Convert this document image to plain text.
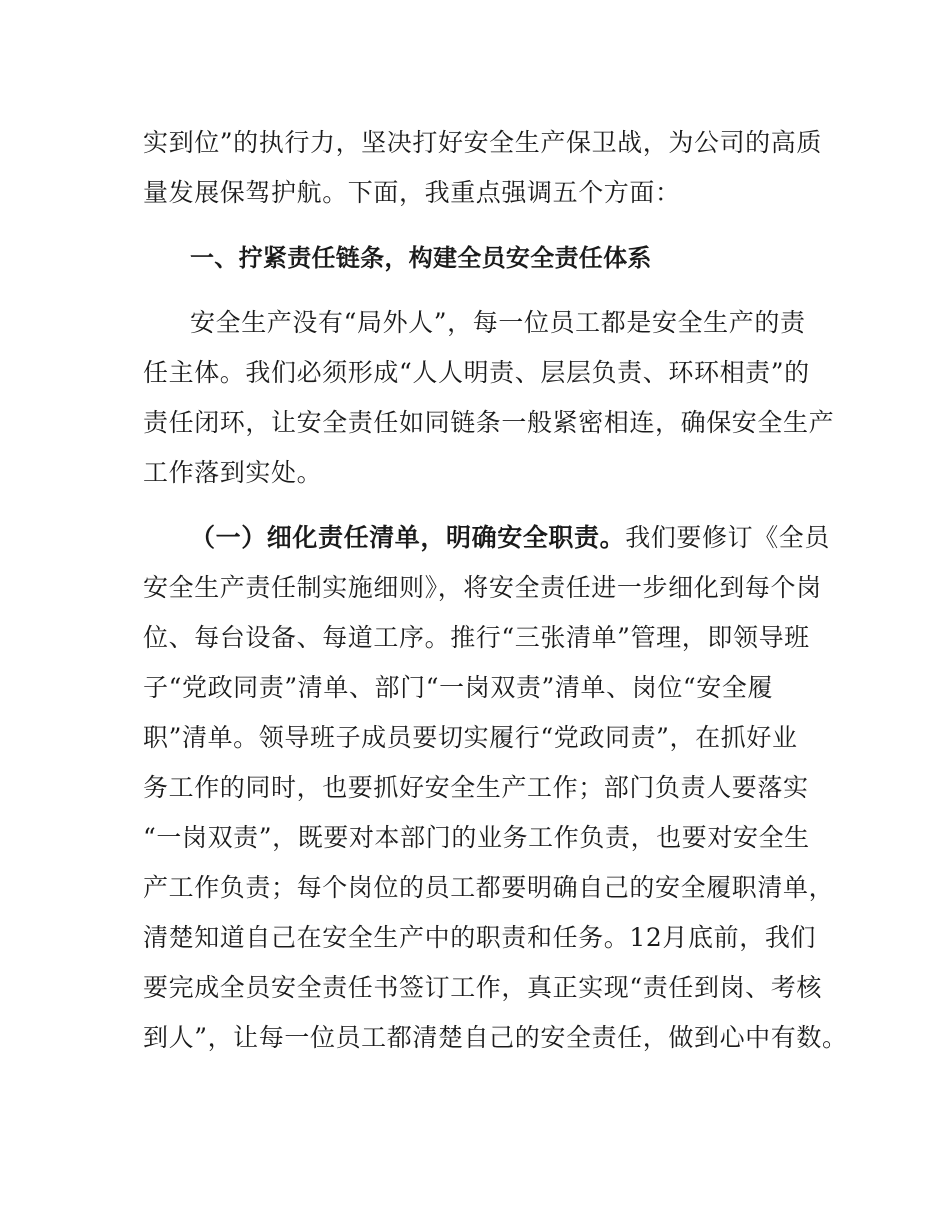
实到位”的执行力，坚决打好安全生产保卫战，为公司的高质
量发展保驾护航。下面，我重点强调五个方面：
一、拧紧责任链条，构建全员安全责任体系
安全生产没有“局外人”，每一位员工都是安全生产的责
任主体。我们必须形成“人人明责、层层负责、环环相责”的
责任闭环，让安全责任如同链条一般紧密相连，确保安全生产
工作落到实处。
（一）细化责任清单，明确安全职责。我们要修订《全员
安全生产责任制实施细则》，将安全责任进一步细化到每个岗
位、每台设备、每道工序。推行“三张清单”管理，即领导班
子“党政同责”清单、部门“一岗双责”清单、岗位“安全履
职”清单。领导班子成员要切实履行“党政同责”，在抓好业
务工作的同时，也要抓好安全生产工作；部门负责人要落实
“一岗双责”，既要对本部门的业务工作负责，也要对安全生
产工作负责；每个岗位的员工都要明确自己的安全履职清单，
清楚知道自己在安全生产中的职责和任务。12月底前，我们
要完成全员安全责任书签订工作，真正实现“责任到岗、考核
到人”，让每一位员工都清楚自己的安全责任，做到心中有数。
